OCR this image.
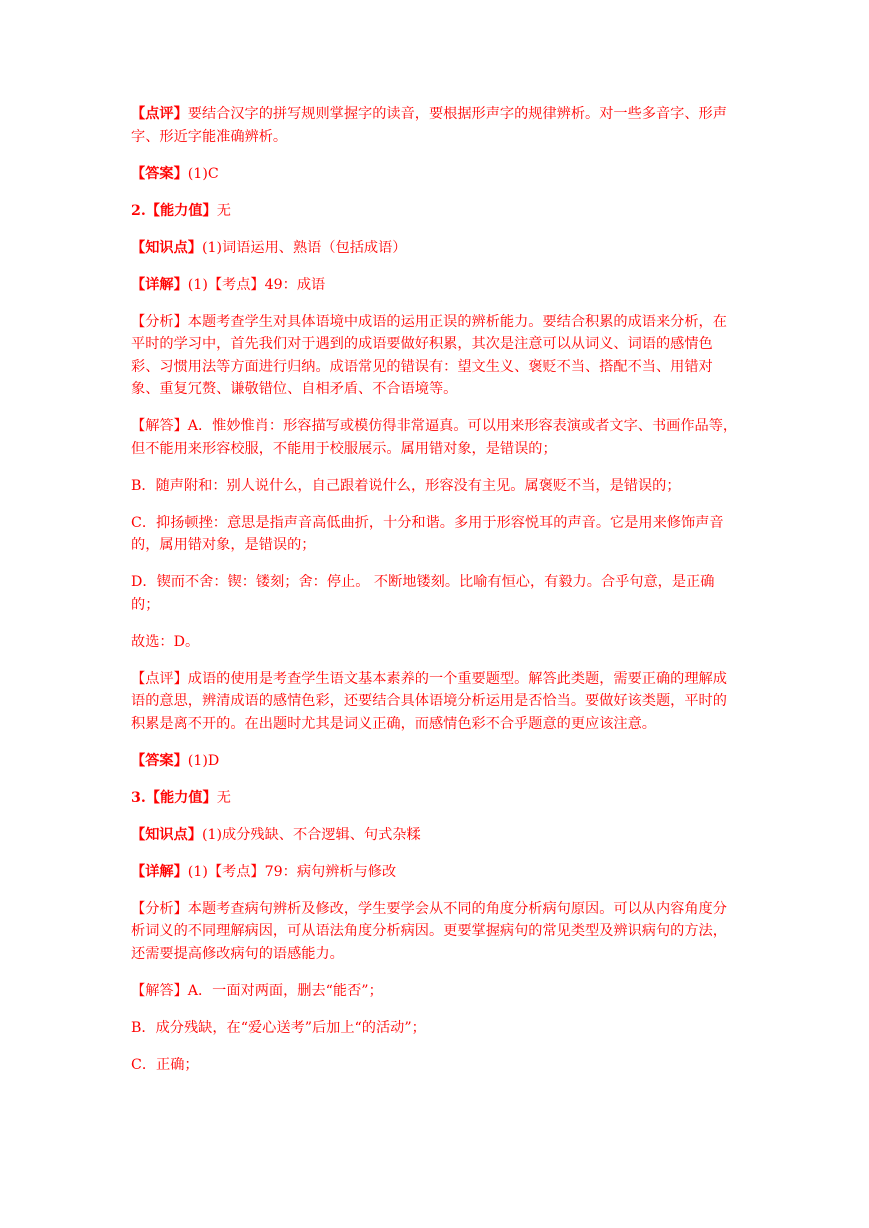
【点评】要结合汉字的拼写规则掌握字的读音，要根据形声字的规律辨析。对一些多音字、形声字、形近字能准确辨析。

【答案】(1)C

2.【能力值】无

【知识点】(1)词语运用、熟语（包括成语）

【详解】(1)【考点】49：成语

【分析】本题考查学生对具体语境中成语的运用正误的辨析能力。要结合积累的成语来分析，在平时的学习中，首先我们对于遇到的成语要做好积累，其次是注意可以从词义、词语的感情色彩、习惯用法等方面进行归纳。成语常见的错误有：望文生义、褒贬不当、搭配不当、用错对象、重复冗赘、谦敬错位、自相矛盾、不合语境等。

【解答】A．惟妙惟肖：形容描写或模仿得非常逼真。可以用来形容表演或者文字、书画作品等，但不能用来形容校服，不能用于校服展示。属用错对象，是错误的；

B．随声附和：别人说什么，自己跟着说什么，形容没有主见。属褒贬不当，是错误的；

C．抑扬顿挫：意思是指声音高低曲折，十分和谐。多用于形容悦耳的声音。它是用来修饰声音的，属用错对象，是错误的；

D．锲而不舍：锲：镂刻；舍：停止。 不断地镂刻。比喻有恒心，有毅力。合乎句意，是正确的；

故选：D。

【点评】成语的使用是考查学生语文基本素养的一个重要题型。解答此类题，需要正确的理解成语的意思，辨清成语的感情色彩，还要结合具体语境分析运用是否恰当。要做好该类题，平时的积累是离不开的。在出题时尤其是词义正确，而感情色彩不合乎题意的更应该注意。

【答案】(1)D

3.【能力值】无

【知识点】(1)成分残缺、不合逻辑、句式杂糅

【详解】(1)【考点】79：病句辨析与修改

【分析】本题考查病句辨析及修改，学生要学会从不同的角度分析病句原因。可以从内容角度分析词义的不同理解病因，可从语法角度分析病因。更要掌握病句的常见类型及辨识病句的方法，还需要提高修改病句的语感能力。

【解答】A．一面对两面，删去“能否”；

B．成分残缺，在“爱心送考”后加上“的活动”；

C．正确；
